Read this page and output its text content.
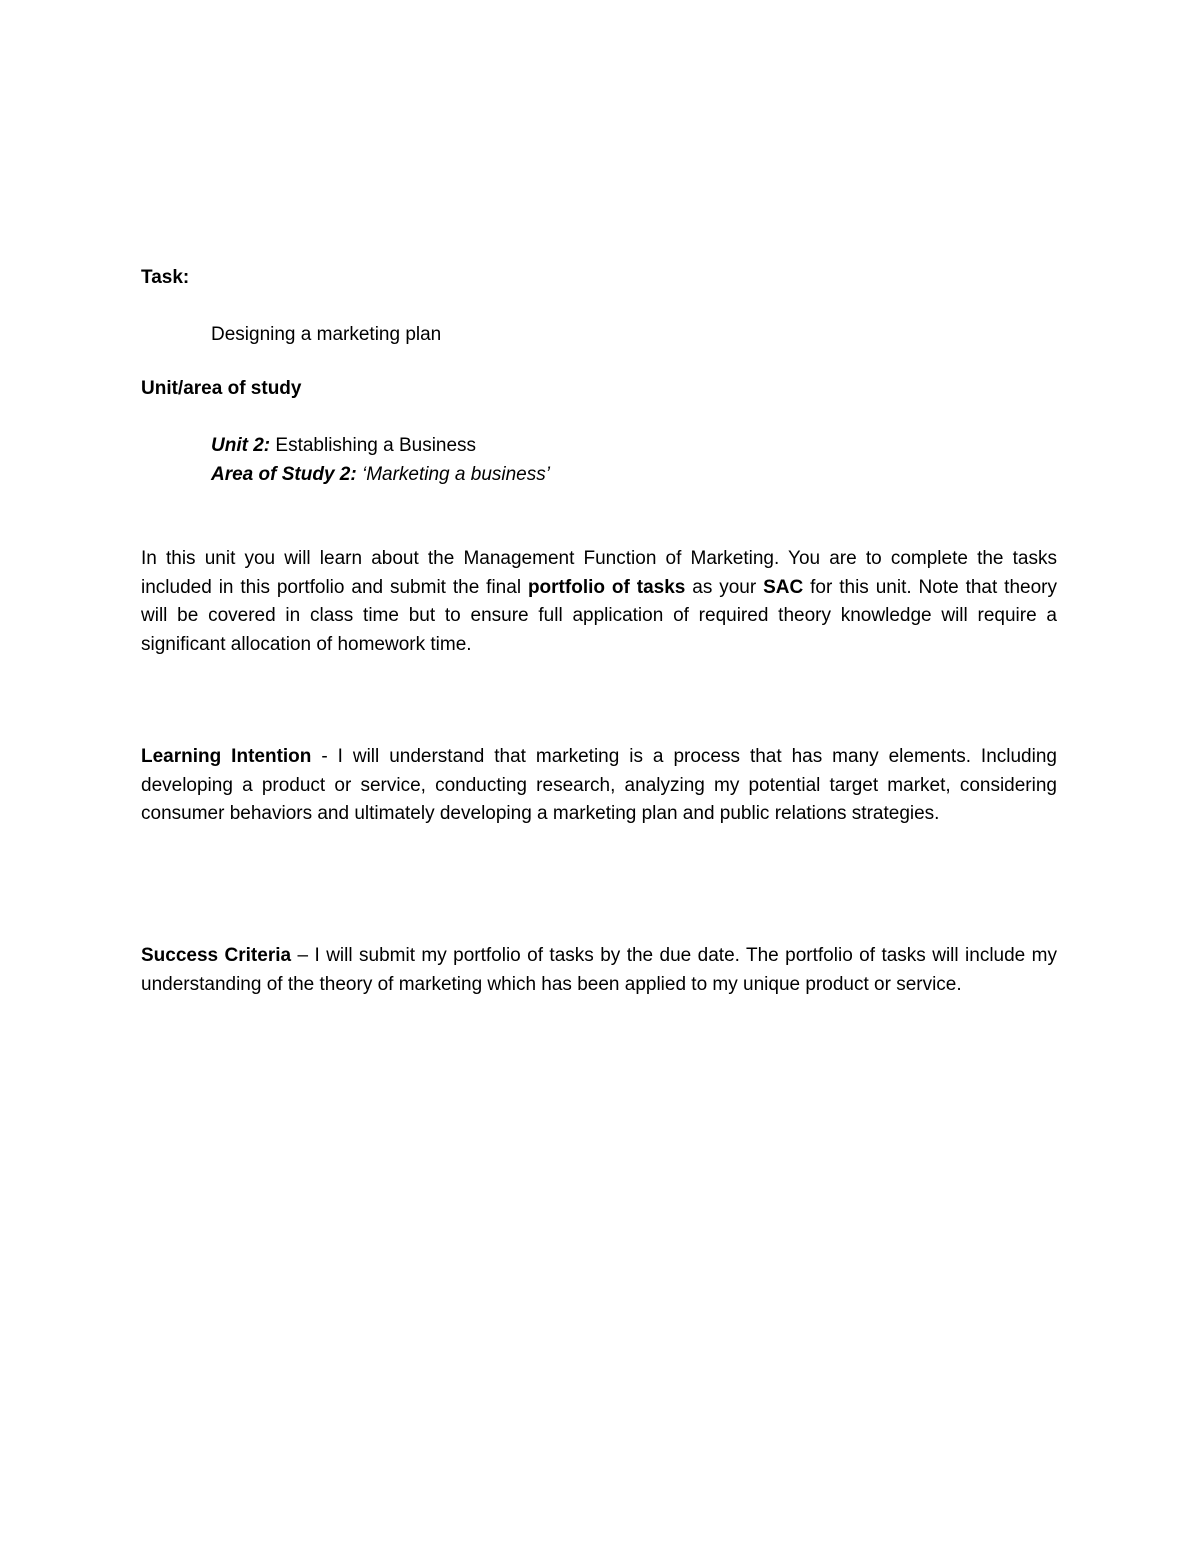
Task:
Designing a marketing plan
Unit/area of study
Unit 2: Establishing a Business
Area of Study 2: ‘Marketing a business’
In this unit you will learn about the Management Function of Marketing. You are to complete the tasks included in this portfolio and submit the final portfolio of tasks as your SAC for this unit. Note that theory will be covered in class time but to ensure full application of required theory knowledge will require a significant allocation of homework time.
Learning Intention - I will understand that marketing is a process that has many elements. Including developing a product or service, conducting research, analyzing my potential target market, considering consumer behaviors and ultimately developing a marketing plan and public relations strategies.
Success Criteria – I will submit my portfolio of tasks by the due date. The portfolio of tasks will include my understanding of the theory of marketing which has been applied to my unique product or service.
